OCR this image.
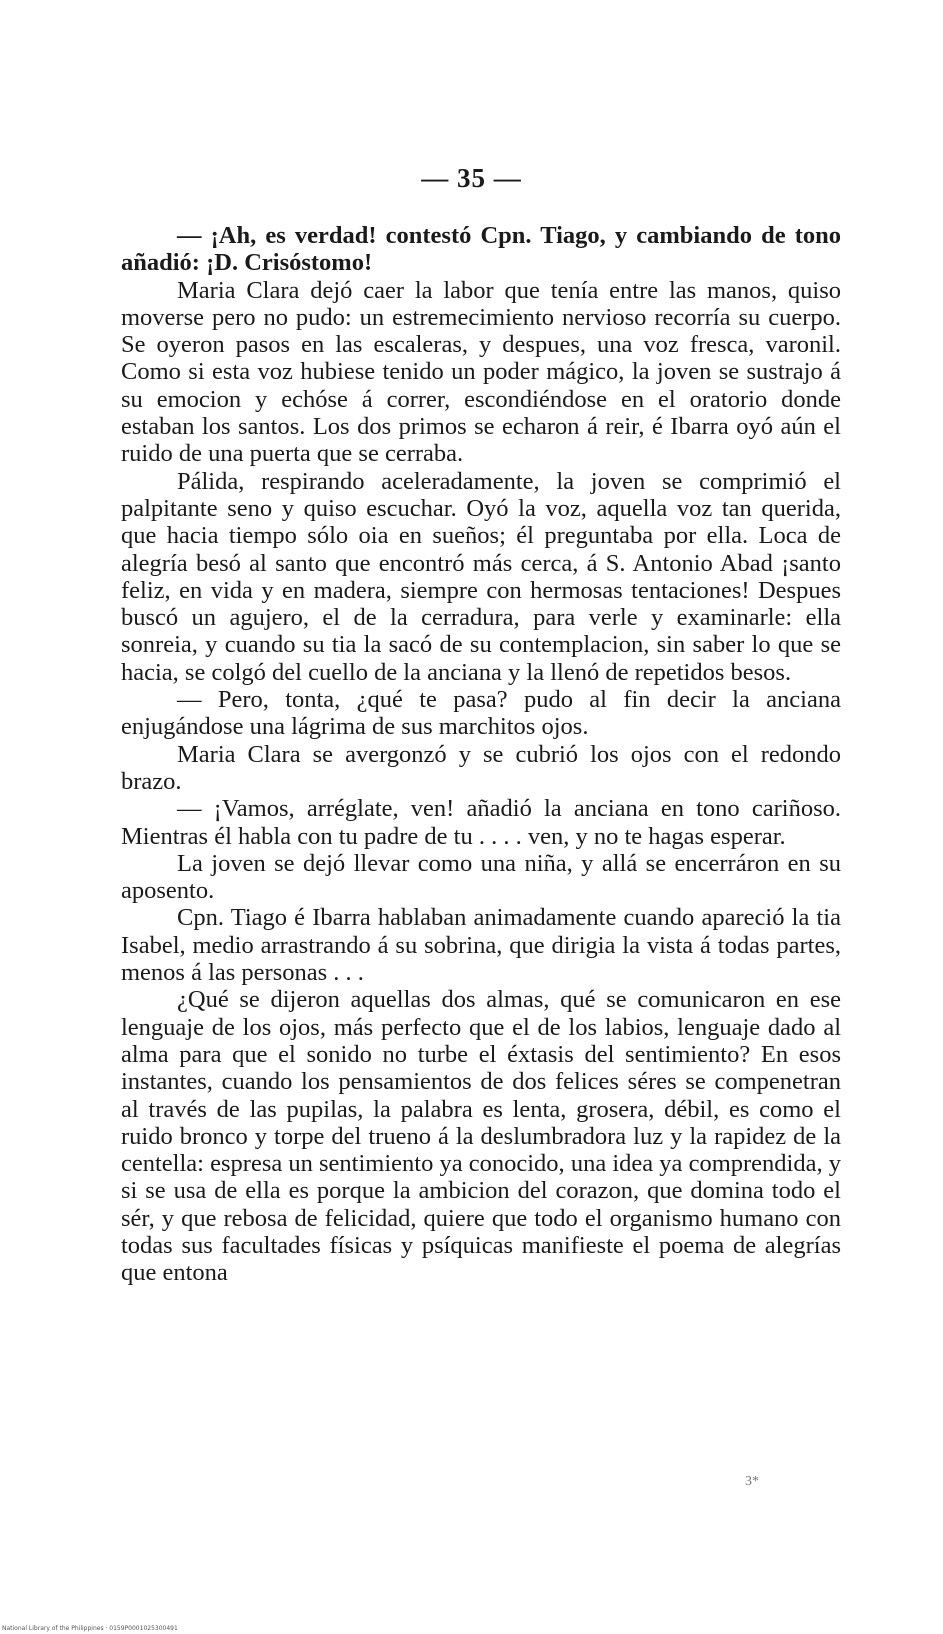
— 35 —

— ¡Ah, es verdad! contestó Cpn. Tiago, y cambiando de tono añadió: ¡D. Crisóstomo!

Maria Clara dejó caer la labor que tenía entre las manos, quiso moverse pero no pudo: un estremecimiento nervioso recorría su cuerpo. Se oyeron pasos en las escaleras, y despues, una voz fresca, varonil. Como si esta voz hubiese tenido un poder mágico, la joven se sustrajo á su emocion y echóse á correr, escondiéndose en el oratorio donde estaban los santos. Los dos primos se echaron á reir, é Ibarra oyó aún el ruido de una puerta que se cerraba.

Pálida, respirando aceleradamente, la joven se comprimió el palpitante seno y quiso escuchar. Oyó la voz, aquella voz tan querida, que hacia tiempo sólo oia en sueños; él preguntaba por ella. Loca de alegría besó al santo que encontró más cerca, á S. Antonio Abad ¡santo feliz, en vida y en madera, siempre con hermosas tentaciones! Despues buscó un agujero, el de la cerradura, para verle y examinarle: ella sonreia, y cuando su tia la sacó de su contemplacion, sin saber lo que se hacia, se colgó del cuello de la anciana y la llenó de repetidos besos.

— Pero, tonta, ¿qué te pasa? pudo al fin decir la anciana enjugándose una lágrima de sus marchitos ojos.

Maria Clara se avergonzó y se cubrió los ojos con el redondo brazo.

— ¡Vamos, arréglate, ven! añadió la anciana en tono cariñoso. Mientras él habla con tu padre de tu . . . . ven, y no te hagas esperar.

La joven se dejó llevar como una niña, y allá se encerráron en su aposento.

Cpn. Tiago é Ibarra hablaban animadamente cuando apareció la tia Isabel, medio arrastrando á su sobrina, que dirigia la vista á todas partes, menos á las personas . . .

¿Qué se dijeron aquellas dos almas, qué se comunicaron en ese lenguaje de los ojos, más perfecto que el de los labios, lenguaje dado al alma para que el sonido no turbe el éxtasis del sentimiento? En esos instantes, cuando los pensamientos de dos felices séres se compenetran al través de las pupilas, la palabra es lenta, grosera, débil, es como el ruido bronco y torpe del trueno á la deslumbradora luz y la rapidez de la centella: espresa un sentimiento ya conocido, una idea ya comprendida, y si se usa de ella es porque la ambicion del corazon, que domina todo el sér, y que rebosa de felicidad, quiere que todo el organismo humano con todas sus facultades físicas y psíquicas manifieste el poema de alegrías que entona

3*
National Library of the Philippines · 0159P0001025300491
